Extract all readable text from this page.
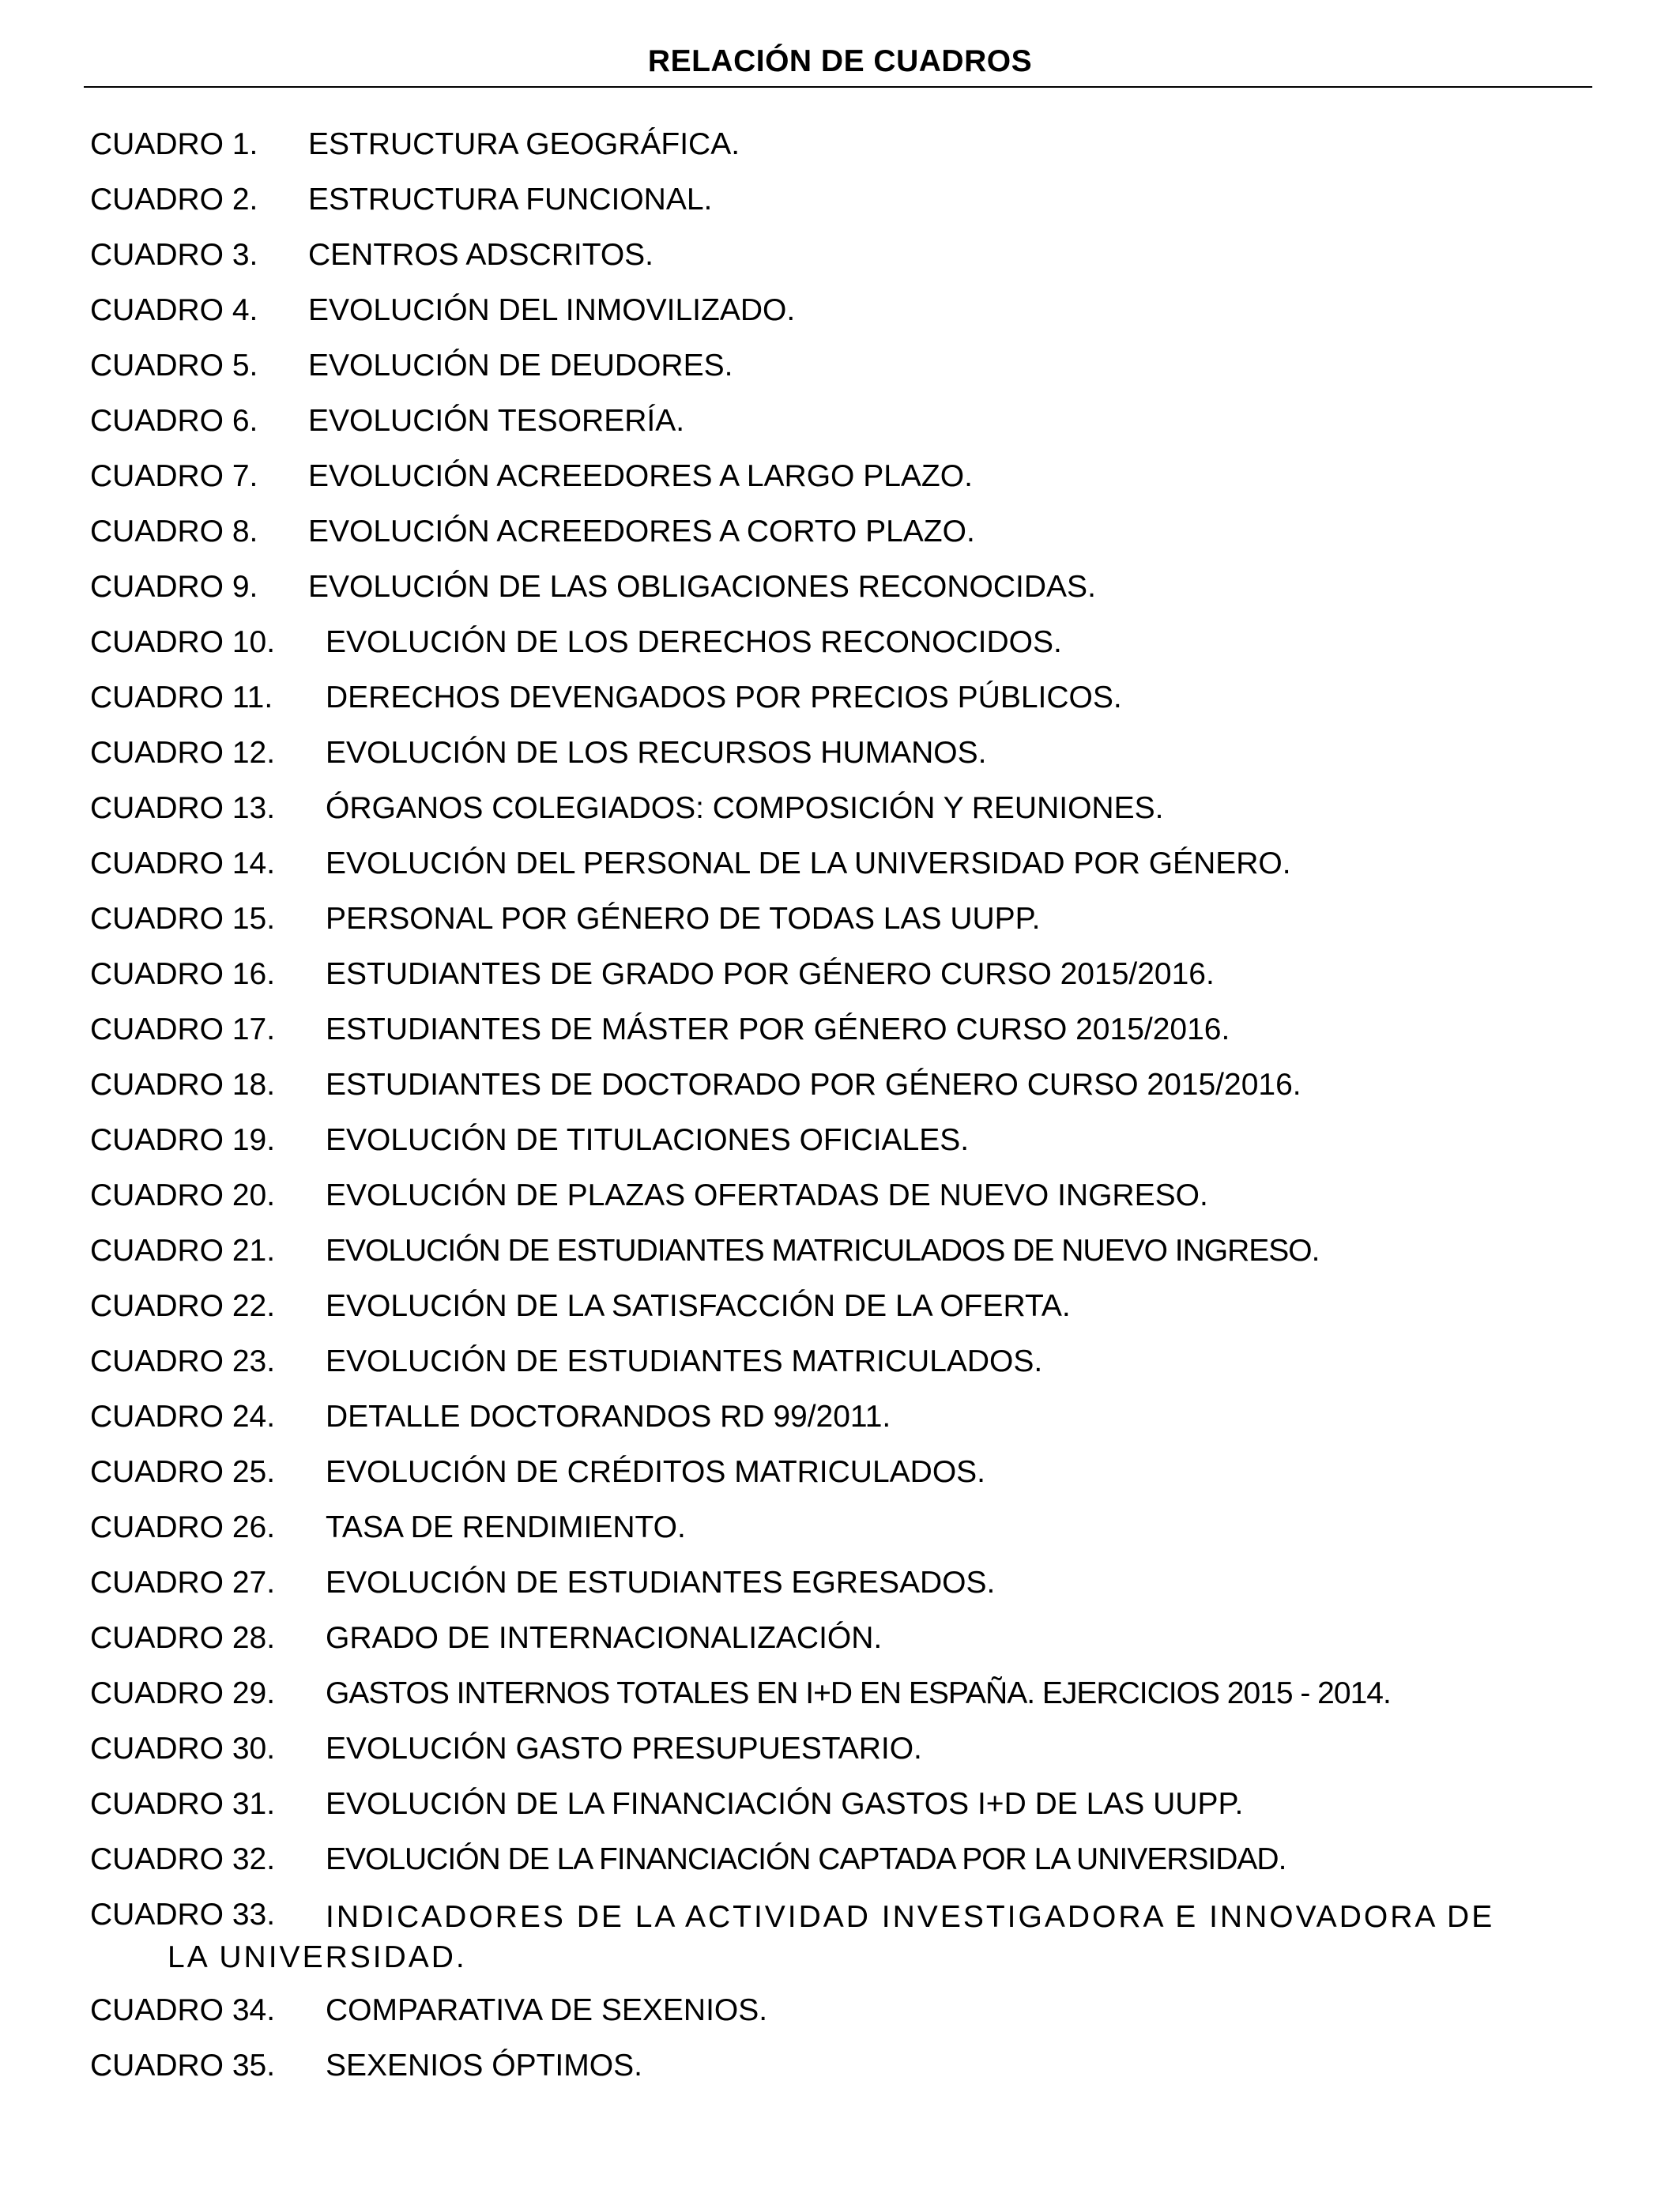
RELACIÓN DE CUADROS
CUADRO 1. ESTRUCTURA GEOGRÁFICA.
CUADRO 2. ESTRUCTURA FUNCIONAL.
CUADRO 3. CENTROS ADSCRITOS.
CUADRO 4. EVOLUCIÓN DEL INMOVILIZADO.
CUADRO 5. EVOLUCIÓN DE DEUDORES.
CUADRO 6. EVOLUCIÓN TESORERÍA.
CUADRO 7. EVOLUCIÓN ACREEDORES A LARGO PLAZO.
CUADRO 8. EVOLUCIÓN ACREEDORES A CORTO PLAZO.
CUADRO 9. EVOLUCIÓN DE LAS OBLIGACIONES RECONOCIDAS.
CUADRO 10. EVOLUCIÓN DE LOS DERECHOS RECONOCIDOS.
CUADRO 11. DERECHOS DEVENGADOS POR PRECIOS PÚBLICOS.
CUADRO 12. EVOLUCIÓN DE LOS RECURSOS HUMANOS.
CUADRO 13. ÓRGANOS COLEGIADOS: COMPOSICIÓN Y REUNIONES.
CUADRO 14. EVOLUCIÓN DEL PERSONAL DE LA UNIVERSIDAD POR GÉNERO.
CUADRO 15. PERSONAL POR GÉNERO DE TODAS LAS UUPP.
CUADRO 16. ESTUDIANTES DE GRADO POR GÉNERO CURSO 2015/2016.
CUADRO 17. ESTUDIANTES DE MÁSTER POR GÉNERO CURSO 2015/2016.
CUADRO 18. ESTUDIANTES DE DOCTORADO POR GÉNERO CURSO 2015/2016.
CUADRO 19. EVOLUCIÓN DE TITULACIONES OFICIALES.
CUADRO 20. EVOLUCIÓN DE PLAZAS OFERTADAS DE NUEVO INGRESO.
CUADRO 21. EVOLUCIÓN DE ESTUDIANTES MATRICULADOS DE NUEVO INGRESO.
CUADRO 22. EVOLUCIÓN DE LA SATISFACCIÓN DE LA OFERTA.
CUADRO 23. EVOLUCIÓN DE ESTUDIANTES MATRICULADOS.
CUADRO 24. DETALLE DOCTORANDOS RD 99/2011.
CUADRO 25. EVOLUCIÓN DE CRÉDITOS MATRICULADOS.
CUADRO 26. TASA DE RENDIMIENTO.
CUADRO 27. EVOLUCIÓN DE ESTUDIANTES EGRESADOS.
CUADRO 28. GRADO DE INTERNACIONALIZACIÓN.
CUADRO 29. GASTOS INTERNOS TOTALES EN I+D EN ESPAÑA. EJERCICIOS 2015 - 2014.
CUADRO 30. EVOLUCIÓN GASTO PRESUPUESTARIO.
CUADRO 31. EVOLUCIÓN DE LA FINANCIACIÓN GASTOS I+D DE LAS UUPP.
CUADRO 32. EVOLUCIÓN DE LA FINANCIACIÓN CAPTADA POR LA UNIVERSIDAD.
CUADRO 33. INDICADORES DE LA ACTIVIDAD INVESTIGADORA E INNOVADORA DE
LA UNIVERSIDAD.
CUADRO 34. COMPARATIVA DE SEXENIOS.
CUADRO 35. SEXENIOS ÓPTIMOS.
